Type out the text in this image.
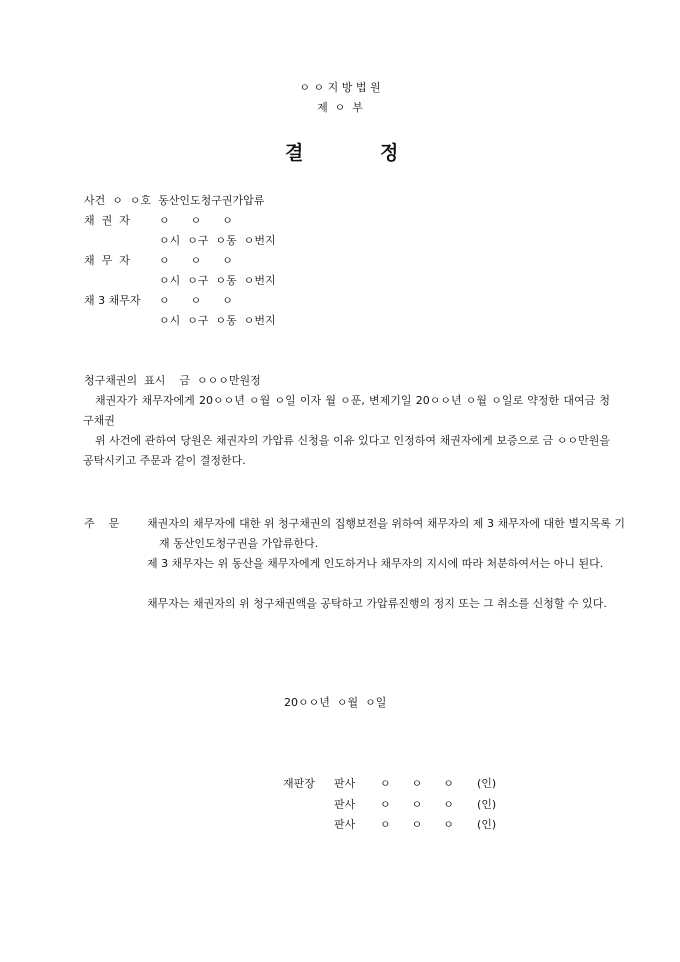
ㅇ ㅇ 지 방 법 원
제  ㅇ  부
결	정
사건  ㅇ  ㅇ호  동산인도청구권가압류
채  권  자	ㅇ      ㅇ      ㅇ
ㅇ시  ㅇ구  ㅇ동  ㅇ번지
채  무  자	ㅇ      ㅇ      ㅇ
ㅇ시  ㅇ구  ㅇ동  ㅇ번지
채 3 채무자 ㅇ      ㅇ      ㅇ
ㅇ시  ㅇ구  ㅇ동  ㅇ번지
청구채권의  표시    금  ㅇㅇㅇ만원정
채권자가 채무자에게 20ㅇㅇ년 ㅇ월 ㅇ일 이자 월 ㅇ푼, 변제기일 20ㅇㅇ년 ㅇ월 ㅇ일로 약정한 대여금 청구채권
위 사건에 관하여 당원은 채권자의 가압류 신청을 이유 있다고 인정하여 채권자에게 보증으로 금 ㅇㅇ만원을 공탁시키고 주문과 같이 결정한다.
주    문	채권자의 채무자에 대한 위 청구채권의 집행보전을 위하여 채무자의 제 3 채무자에 대한 별지목록 기재 동산인도청구권을 가압류한다.
제 3 채무자는 위 동산을 채무자에게 인도하거나 채무자의 지시에 따라 처분하여서는 아니 된다.
채무자는 채권자의 위 청구채권액을 공탁하고 가압류진행의 정지 또는 그 취소를 신청할 수 있다.
20ㅇㅇ년  ㅇ월  ㅇ일
재판장 판사 ㅇ      ㅇ      ㅇ (인)
판사 ㅇ      ㅇ      ㅇ (인)
판사 ㅇ      ㅇ      ㅇ (인)
